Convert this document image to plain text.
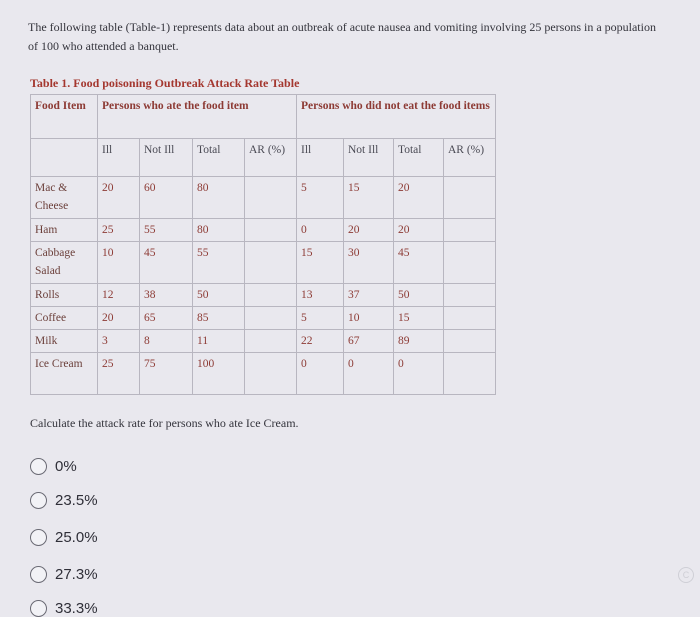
The following table (Table-1) represents data about an outbreak of acute nausea and vomiting involving 25 persons in a population of 100 who attended a banquet.
Table 1. Food poisoning Outbreak Attack Rate Table
Food Item	Persons who ate the food item				Persons who did not eat the food items			
	Ill	Not Ill	Total	AR (%)	Ill	Not Ill	Total	AR (%)
Mac & Cheese	20	60	80		5	15	20	
Ham	25	55	80		0	20	20	
Cabbage Salad	10	45	55		15	30	45	
Rolls	12	38	50		13	37	50	
Coffee	20	65	85		5	10	15	
Milk	3	8	11		22	67	89	
Ice Cream	25	75	100		0	0	0	
Calculate the attack rate for persons who ate Ice Cream.
0%
23.5%
25.0%
27.3%
33.3%
C
